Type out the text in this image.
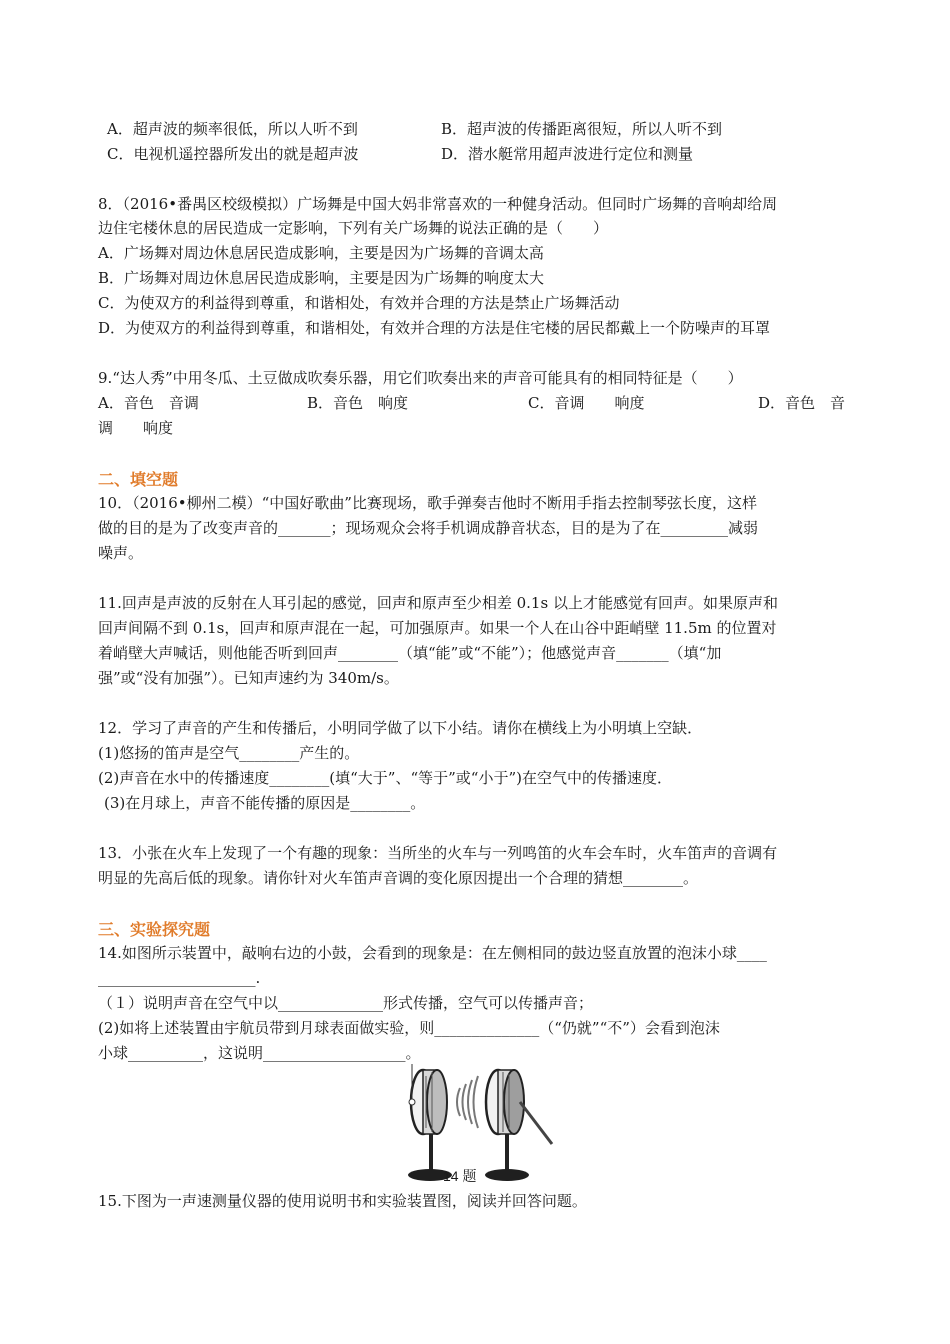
A．超声波的频率很低，所以人听不到	B．超声波的传播距离很短，所以人听不到
C．电视机遥控器所发出的就是超声波	D．潜水艇常用超声波进行定位和测量
8．（2016•番禺区校级模拟）广场舞是中国大妈非常喜欢的一种健身活动。但同时广场舞的音响却给周
边住宅楼休息的居民造成一定影响，下列有关广场舞的说法正确的是（　　）
A．广场舞对周边休息居民造成影响，主要是因为广场舞的音调太高
B．广场舞对周边休息居民造成影响，主要是因为广场舞的响度太大
C．为使双方的利益得到尊重，和谐相处，有效并合理的方法是禁止广场舞活动
D．为使双方的利益得到尊重，和谐相处，有效并合理的方法是住宅楼的居民都戴上一个防噪声的耳罩
9.“达人秀”中用冬瓜、土豆做成吹奏乐器，用它们吹奏出来的声音可能具有的相同特征是（　　）
A．音色　音调	B．音色　响度	C．音调　　响度	D．音色　音
调　　响度
二、填空题
10．（2016•柳州二模）“中国好歌曲”比赛现场，歌手弹奏吉他时不断用手指去控制琴弦长度，这样
做的目的是为了改变声音的_______；现场观众会将手机调成静音状态，目的是为了在_________减弱
噪声。
11.回声是声波的反射在人耳引起的感觉，回声和原声至少相差 0.1s 以上才能感觉有回声。如果原声和
回声间隔不到 0.1s，回声和原声混在一起，可加强原声。如果一个人在山谷中距峭壁 11.5m 的位置对
着峭壁大声喊话，则他能否听到回声________（填“能”或“不能”）；他感觉声音_______（填“加
强”或“没有加强”）。已知声速约为 340m/s。
12．学习了声音的产生和传播后，小明同学做了以下小结。请你在横线上为小明填上空缺．
(1)悠扬的笛声是空气________产生的。
(2)声音在水中的传播速度________(填“大于”、“等于”或“小于”)在空气中的传播速度．
(3)在月球上，声音不能传播的原因是________。
13．小张在火车上发现了一个有趣的现象：当所坐的火车与一列鸣笛的火车会车时，火车笛声的音调有
明显的先高后低的现象。请你针对火车笛声音调的变化原因提出一个合理的猜想________。
三、实验探究题
14.如图所示装置中，敲响右边的小鼓，会看到的现象是：在左侧相同的鼓边竖直放置的泡沫小球____
_____________________.
（１）说明声音在空气中以______________形式传播，空气可以传播声音；
(2)如将上述装置由宇航员带到月球表面做实验，则______________（“仍就”“不”）会看到泡沫
小球__________，这说明___________________。
14 题
15.下图为一声速测量仪器的使用说明书和实验装置图，阅读并回答问题。
